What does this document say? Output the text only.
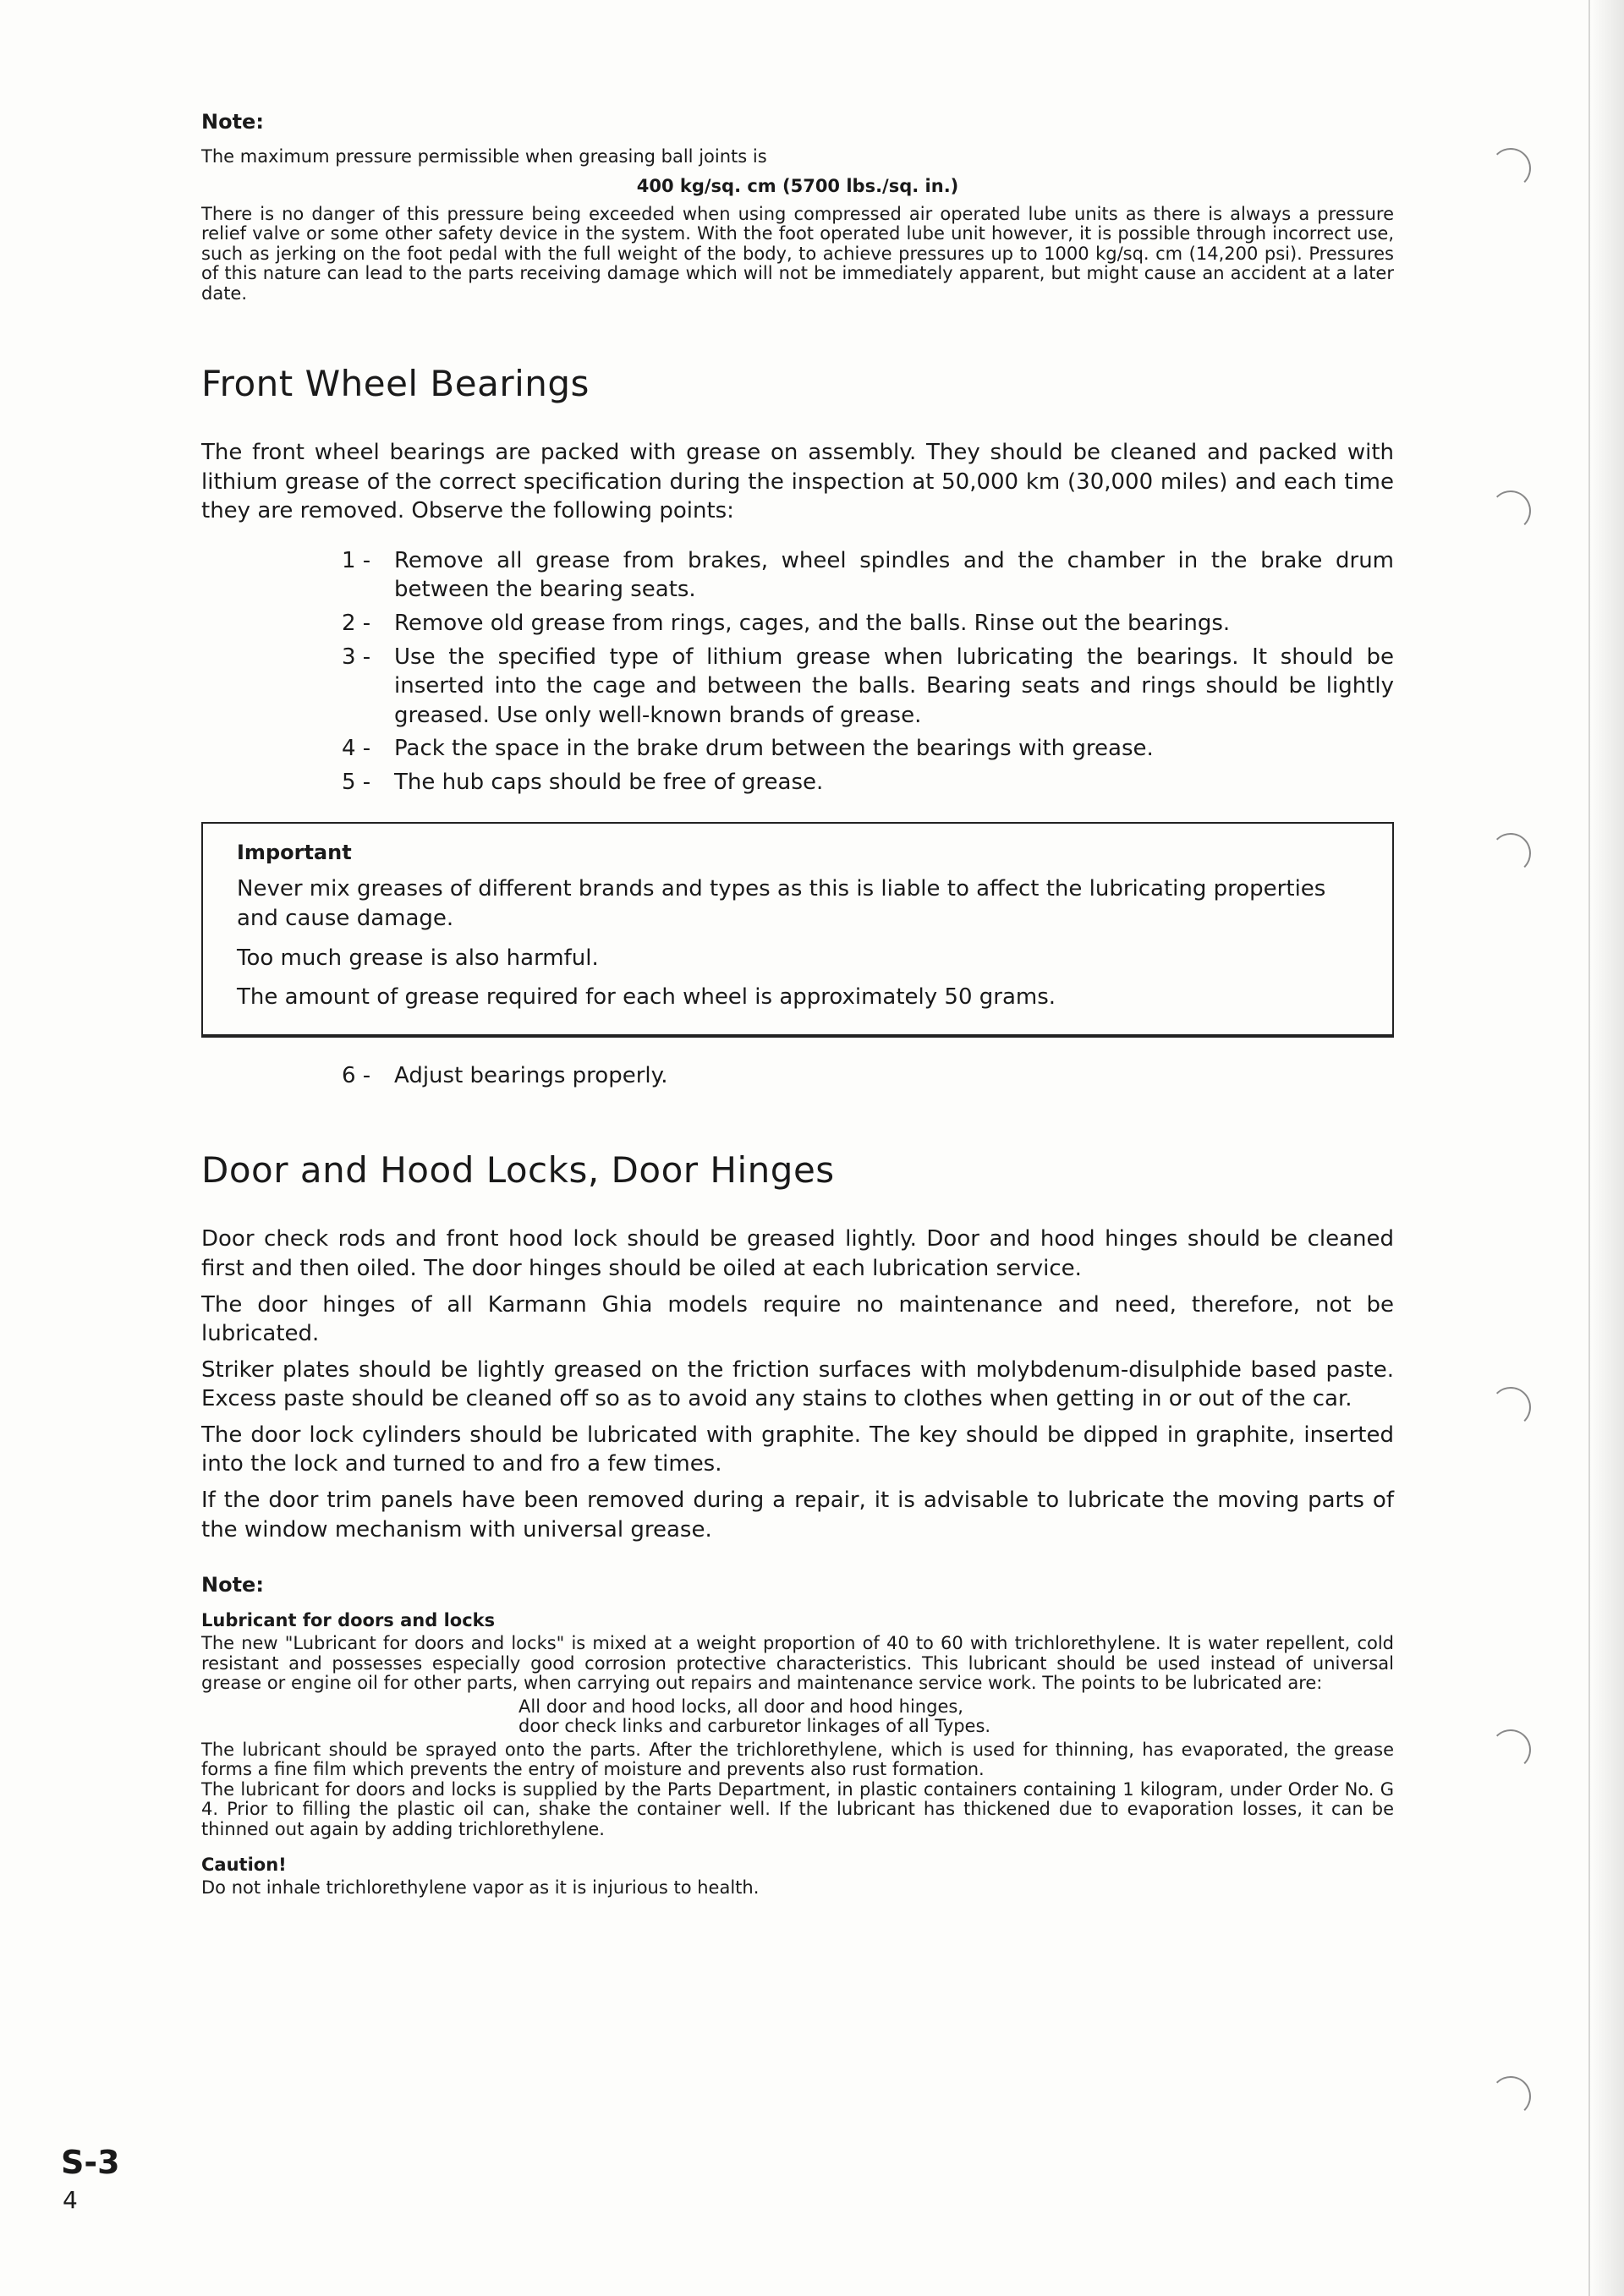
Note:

The maximum pressure permissible when greasing ball joints is

400 kg/sq. cm (5700 lbs./sq. in.)

There is no danger of this pressure being exceeded when using compressed air operated lube units as there is always a pressure relief valve or some other safety device in the system. With the foot operated lube unit however, it is possible through incorrect use, such as jerking on the foot pedal with the full weight of the body, to achieve pressures up to 1000 kg/sq. cm (14,200 psi). Pressures of this nature can lead to the parts receiving damage which will not be immediately apparent, but might cause an accident at a later date.

Front Wheel Bearings

The front wheel bearings are packed with grease on assembly. They should be cleaned and packed with lithium grease of the correct specification during the inspection at 50,000 km (30,000 miles) and each time they are removed. Observe the following points:

1 -	Remove all grease from brakes, wheel spindles and the chamber in the brake drum between the bearing seats.
2 -	Remove old grease from rings, cages, and the balls. Rinse out the bearings.
3 -	Use the specified type of lithium grease when lubricating the bearings. It should be inserted into the cage and between the balls. Bearing seats and rings should be lightly greased. Use only well-known brands of grease.
4 -	Pack the space in the brake drum between the bearings with grease.
5 -	The hub caps should be free of grease.
Important

Never mix greases of different brands and types as this is liable to affect the lubricating properties and cause damage.

Too much grease is also harmful.

The amount of grease required for each wheel is approximately 50 grams.

6 -	Adjust bearings properly.
Door and Hood Locks, Door Hinges

Door check rods and front hood lock should be greased lightly. Door and hood hinges should be cleaned first and then oiled. The door hinges should be oiled at each lubrication service.

The door hinges of all Karmann Ghia models require no maintenance and need, therefore, not be lubricated.

Striker plates should be lightly greased on the friction surfaces with molybdenum-disulphide based paste. Excess paste should be cleaned off so as to avoid any stains to clothes when getting in or out of the car.

The door lock cylinders should be lubricated with graphite. The key should be dipped in graphite, inserted into the lock and turned to and fro a few times.

If the door trim panels have been removed during a repair, it is advisable to lubricate the moving parts of the window mechanism with universal grease.

Note:
Lubricant for doors and locks

The new "Lubricant for doors and locks" is mixed at a weight proportion of 40 to 60 with trichlorethylene. It is water repellent, cold resistant and possesses especially good corrosion protective characteristics. This lubricant should be used instead of universal grease or engine oil for other parts, when carrying out repairs and maintenance service work. The points to be lubricated are:

All door and hood locks, all door and hood hinges,
door check links and carburetor linkages of all Types.

The lubricant should be sprayed onto the parts. After the trichlorethylene, which is used for thinning, has evaporated, the grease forms a fine film which prevents the entry of moisture and prevents also rust formation.

The lubricant for doors and locks is supplied by the Parts Department, in plastic containers containing 1 kilogram, under Order No. G 4. Prior to filling the plastic oil can, shake the container well. If the lubricant has thickened due to evaporation losses, it can be thinned out again by adding trichlorethylene.

Caution!

Do not inhale trichlorethylene vapor as it is injurious to health.

S-3
4
